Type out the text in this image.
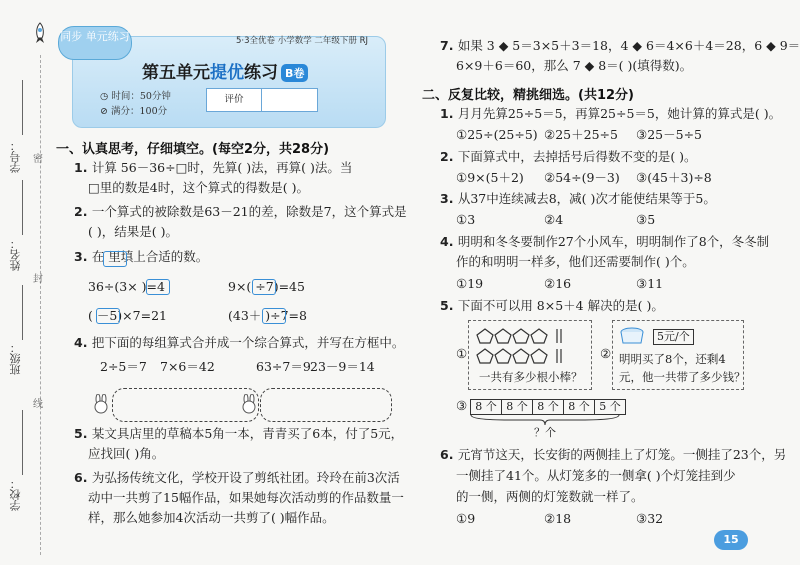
密
封
线
学号：
姓名：
班级：
学校：
同步 单元练习	5·3全优卷 小学数学 二年级下册 RJ
第五单元提优练习 B卷
◷ 时间：50分钟
⊘ 满分：100分
评价
一、认真思考，仔细填空。(每空2分，共28分)
1. 计算 56－36÷□时，先算( )法，再算( )法。当
□里的数是4时，这个算式的得数是( )。
2. 一个算式的被除数是63－21的差，除数是7，这个算式是
( )，结果是( )。
3. 在 里填上合适的数。
36÷(3× )=4	9×( ÷7)=45
( －5)×7=21	(43＋ )÷7=8
4. 把下面的每组算式合并成一个综合算式，并写在方框中。
2÷5＝7 7×6＝42	63÷7＝9 23－9＝14
5. 某文具店里的草稿本5角一本，青青买了6本，付了5元，
应找回( )角。
6. 为弘扬传统文化，学校开设了剪纸社团。玲玲在前3次活
动中一共剪了15幅作品，如果她每次活动剪的作品数量一
样，那么她参加4次活动一共剪了( )幅作品。
7. 如果 3 ◆ 5＝3×5＋3＝18，4 ◆ 6＝4×6＋4＝28，6 ◆ 9＝
6×9＋6＝60，那么 7 ◆ 8＝( )(填得数)。
二、反复比较，精挑细选。(共12分)
1. 月月先算25÷5＝5，再算25÷5＝5，她计算的算式是( )。
①25÷(25÷5) ②25＋25÷5 ③25－5÷5
2. 下面算式中，去掉括号后得数不变的是( )。
①9×(5＋2) ②54÷(9－3) ③(45＋3)÷8
3. 从37中连续减去8，减( )次才能使结果等于5。
①3	②4	③5
4. 明明和冬冬要制作27个小风车，明明制作了8个，冬冬制
作的和明明一样多，他们还需要制作( )个。
①19	②16	③11
5. 下面不可以用 8×5＋4 解决的是( )。
①
一共有多少根小棒？
②
5元/个
明明买了8个，还剩4
元，他一共带了多少钱？
③ 8 个 8 个 8 个 8 个 5 个
？个
6. 元宵节这天，长安街的两侧挂上了灯笼。一侧挂了23个，另
一侧挂了41个。从灯笼多的一侧拿( )个灯笼挂到少
的一侧，两侧的灯笼数就一样了。
①9	②18	③32
15
